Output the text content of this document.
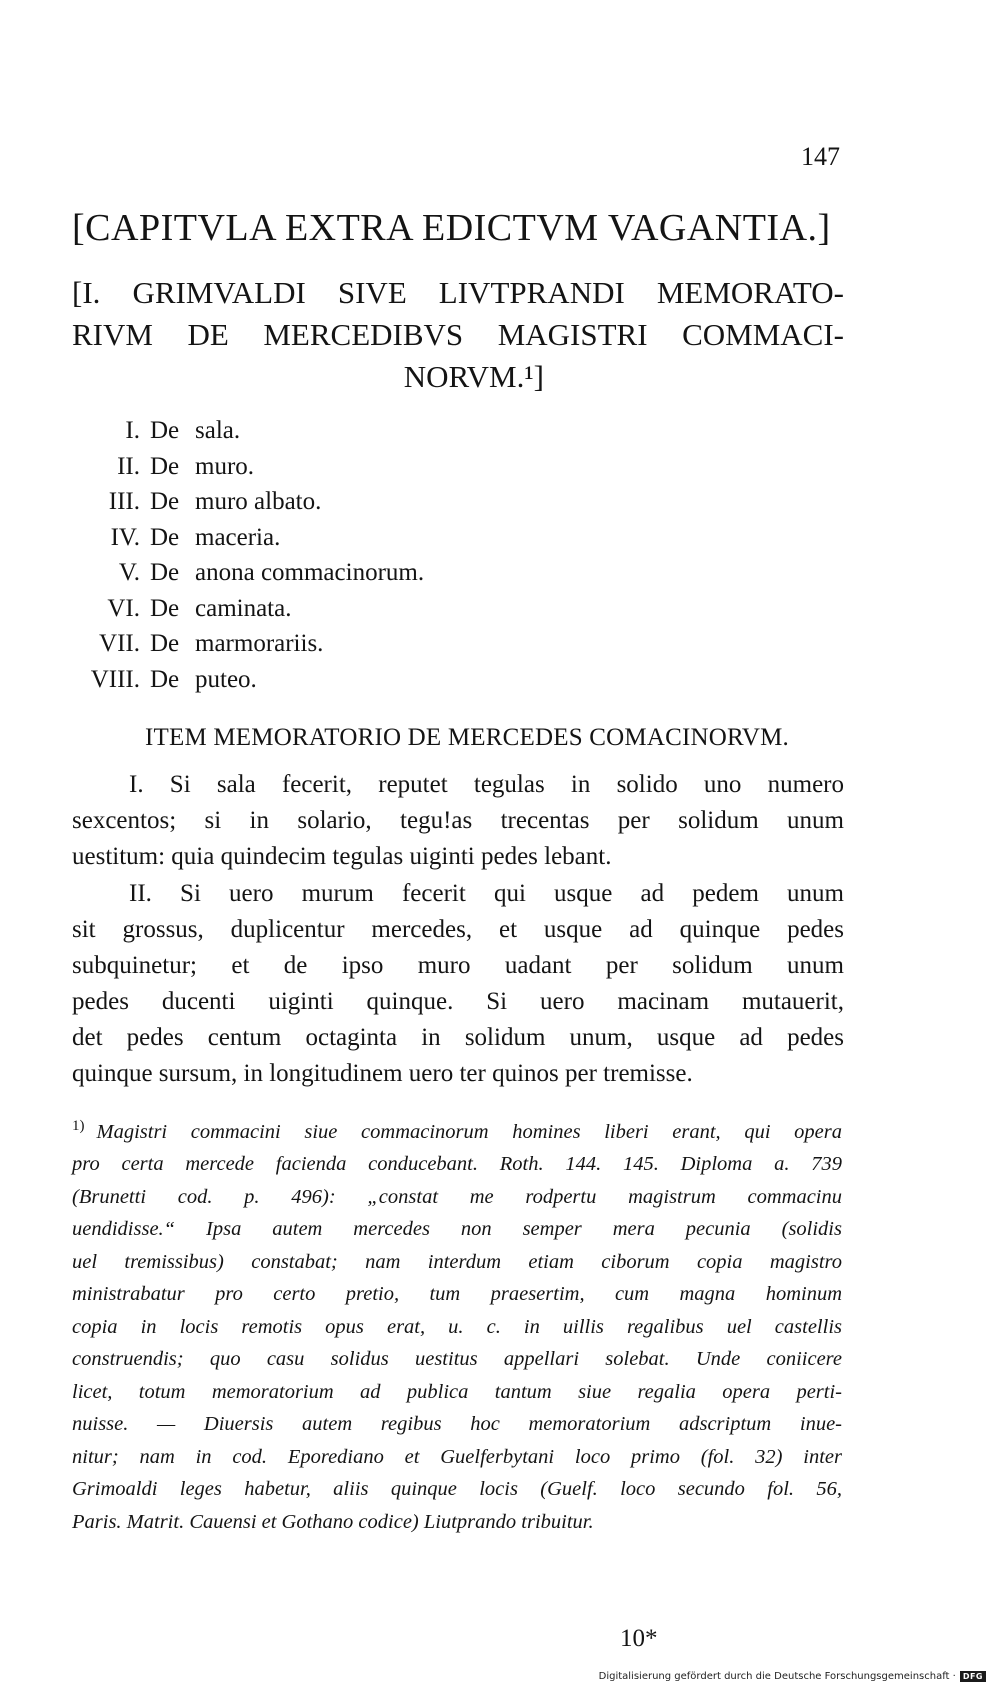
147
[CAPITVLA EXTRA EDICTVM VAGANTIA.]
[I. GRIMVALDI SIVE LIVTPRANDI MEMORATO-
RIVM DE MERCEDIBVS MAGISTRI COMMACI-
NORVM.¹]
I. De sala.
II. De muro.
III. De muro albato.
IV. De maceria.
V. De anona commacinorum.
VI. De caminata.
VII. De marmorariis.
VIII. De puteo.
ITEM MEMORATORIO DE MERCEDES COMACINORVM.

I. Si sala fecerit, reputet tegulas in solido uno numero
sexcentos; si in solario, tegu!as trecentas per solidum unum
uestitum: quia quindecim tegulas uiginti pedes lebant.

II. Si uero murum fecerit qui usque ad pedem unum
sit grossus, duplicentur mercedes, et usque ad quinque pedes
subquinetur; et de ipso muro uadant per solidum unum
pedes ducenti uiginti quinque. Si uero macinam mutauerit,
det pedes centum octaginta in solidum unum, usque ad pedes
quinque sursum, in longitudinem uero ter quinos per tremisse.

$^{1)}$ Magistri commacini siue commacinorum homines liberi erant, qui opera
pro certa mercede facienda conducebant. Roth. 144. 145. Diploma a. 739
(Brunetti cod. p. 496): „constat me rodpertu magistrum commacinu
uendidisse.“ Ipsa autem mercedes non semper mera pecunia (solidis
uel tremissibus) constabat; nam interdum etiam ciborum copia magistro
ministrabatur pro certo pretio, tum praesertim, cum magna hominum
copia in locis remotis opus erat, u. c. in uillis regalibus uel castellis
construendis; quo casu solidus uestitus appellari solebat. Unde coniicere
licet, totum memoratorium ad publica tantum siue regalia opera perti-
nuisse. — Diuersis autem regibus hoc memoratorium adscriptum inue-
nitur; nam in cod. Eporediano et Guelferbytani loco primo (fol. 32) inter
Grimoaldi leges habetur, aliis quinque locis (Guelf. loco secundo fol. 56,
Paris. Matrit. Cauensi et Gothano codice) Liutprando tribuitur.
10*
Digitalisierung gefördert durch die Deutsche Forschungsgemeinschaft · DFG
